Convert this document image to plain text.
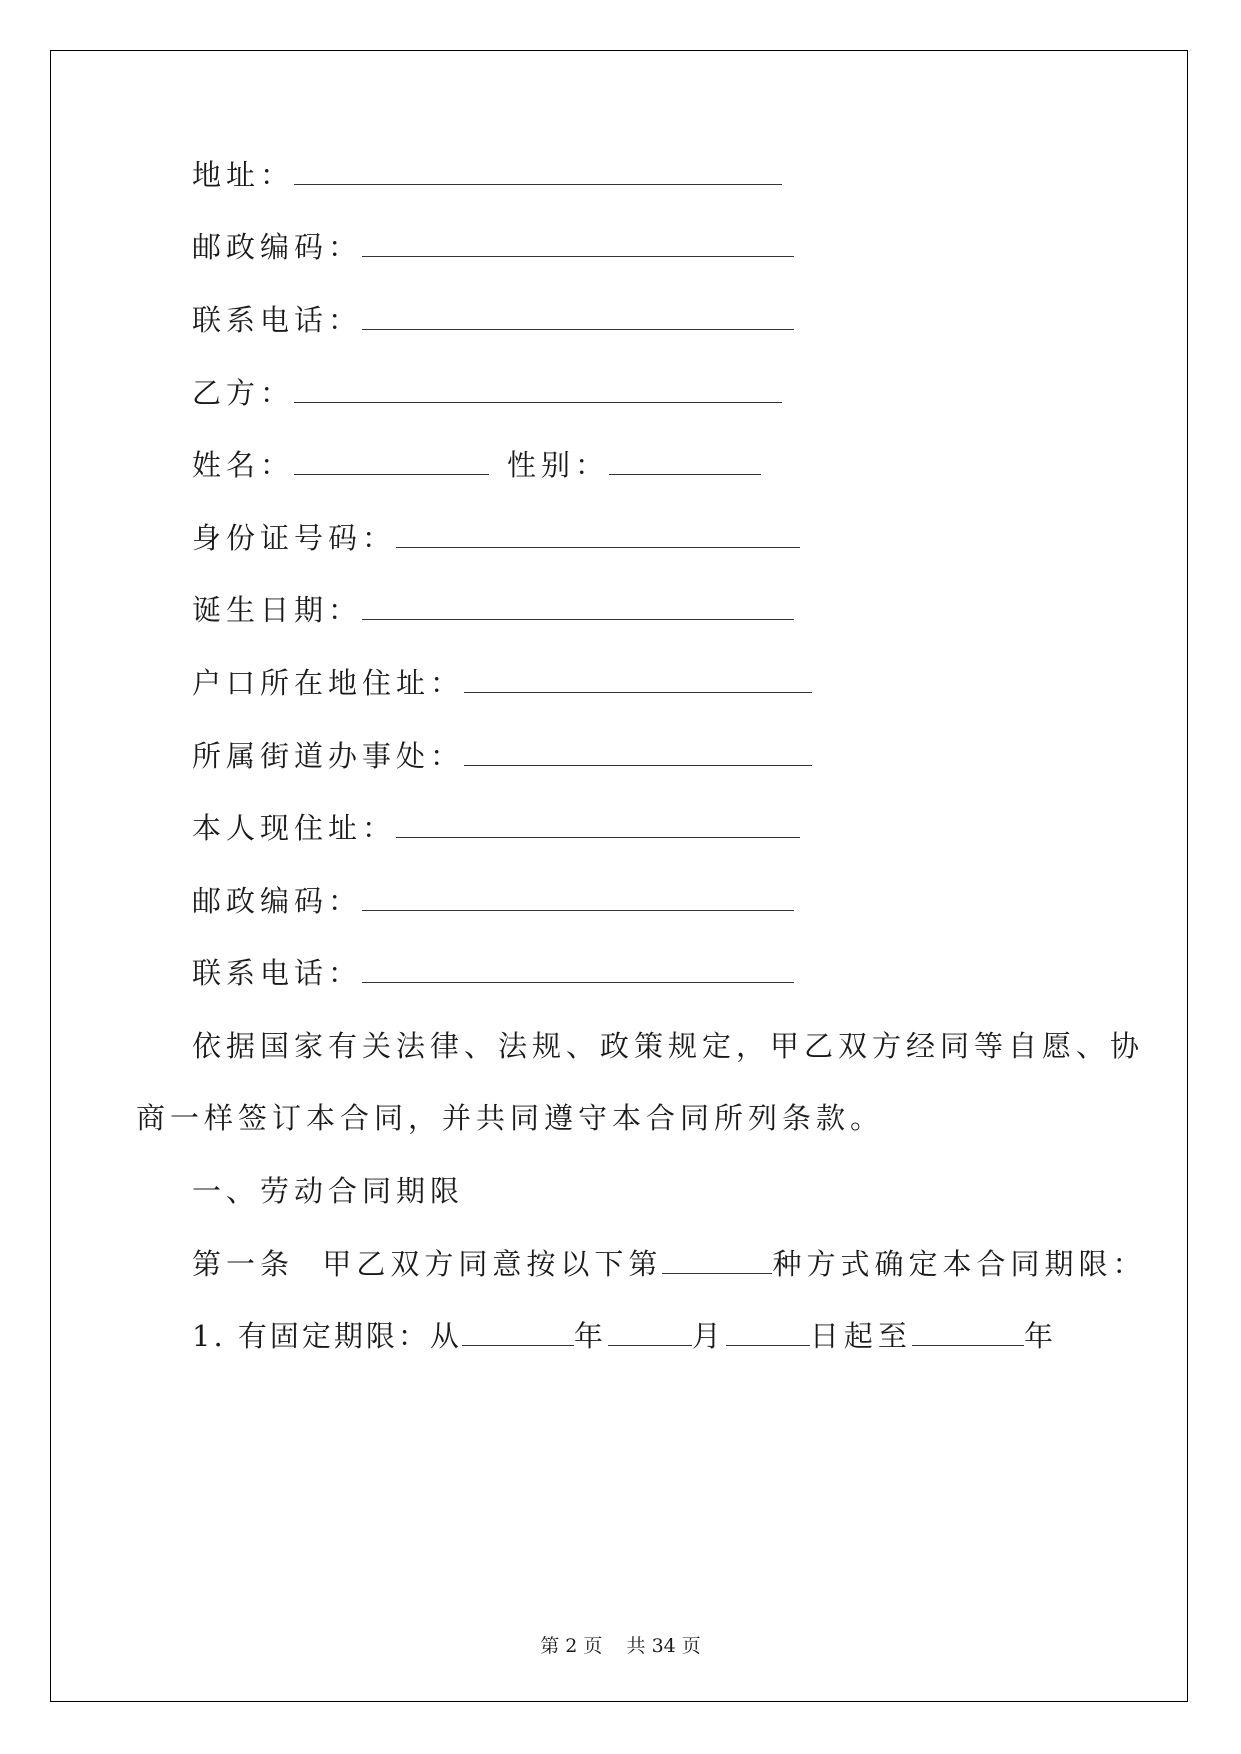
地址：
邮政编码：
联系电话：
乙方：
姓名：	性别：
身份证号码：
诞生日期：
户口所在地住址：
所属街道办事处：
本人现住址：
邮政编码：
联系电话：
依据国家有关法律、法规、政策规定，甲乙双方经同等自愿、协
商一样签订本合同，并共同遵守本合同所列条款。
一、劳动合同期限
第一条  甲乙双方同意按以下第	种方式确定本合同期限：
1. 有固定期限：从	年	月	日起至	年
第 2 页    共 34 页
